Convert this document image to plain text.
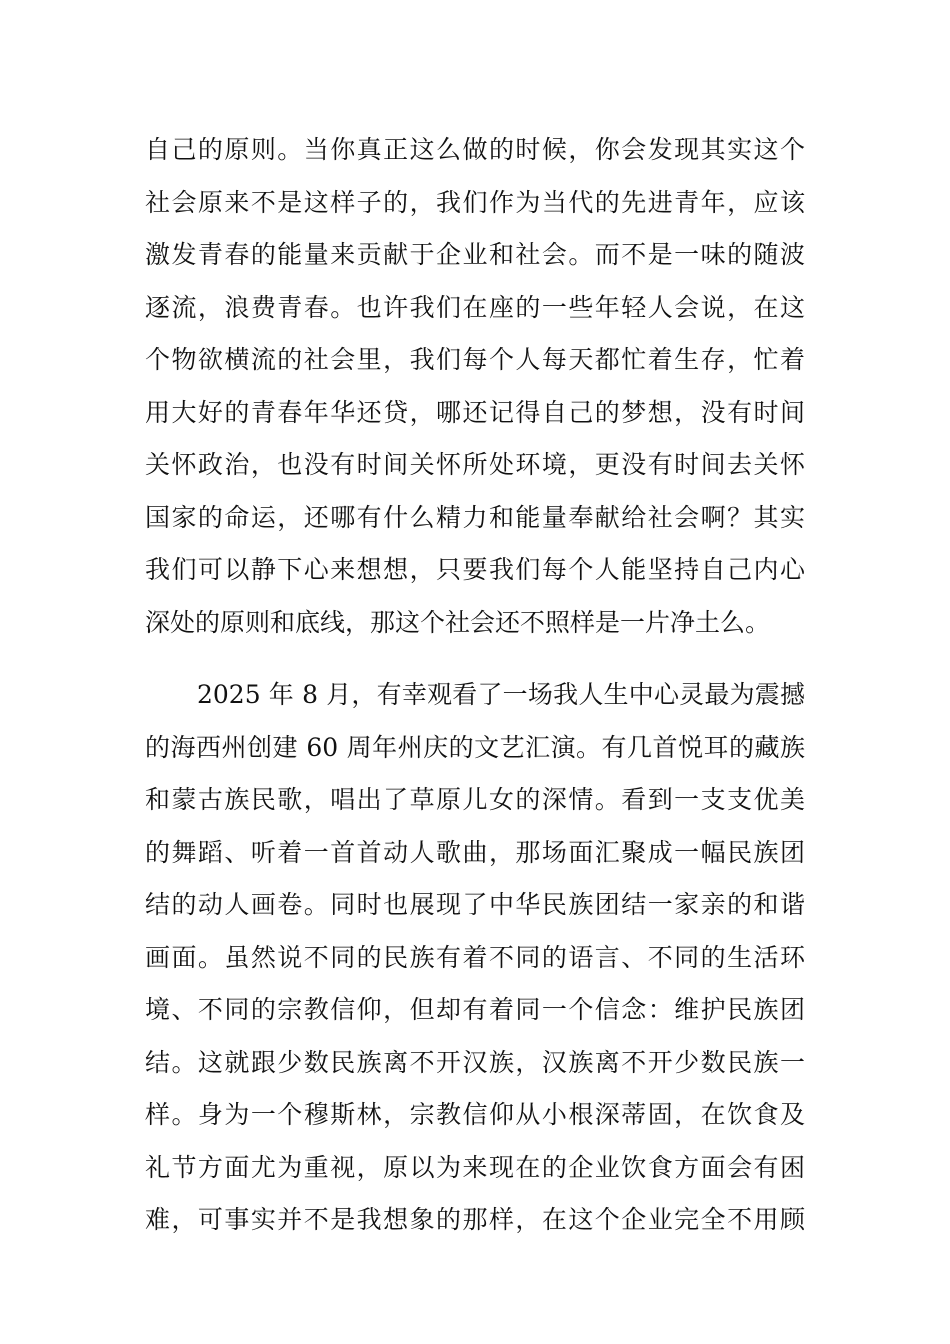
自己的原则。当你真正这么做的时候，你会发现其实这个
社会原来不是这样子的，我们作为当代的先进青年，应该
激发青春的能量来贡献于企业和社会。而不是一味的随波
逐流，浪费青春。也许我们在座的一些年轻人会说，在这
个物欲横流的社会里，我们每个人每天都忙着生存，忙着
用大好的青春年华还贷，哪还记得自己的梦想，没有时间
关怀政治，也没有时间关怀所处环境，更没有时间去关怀
国家的命运，还哪有什么精力和能量奉献给社会啊？其实
我们可以静下心来想想，只要我们每个人能坚持自己内心
深处的原则和底线，那这个社会还不照样是一片净土么。
2025 年 8 月，有幸观看了一场我人生中心灵最为震撼
的海西州创建 60 周年州庆的文艺汇演。有几首悦耳的藏族
和蒙古族民歌，唱出了草原儿女的深情。看到一支支优美
的舞蹈、听着一首首动人歌曲，那场面汇聚成一幅民族团
结的动人画卷。同时也展现了中华民族团结一家亲的和谐
画面。虽然说不同的民族有着不同的语言、不同的生活环
境、不同的宗教信仰，但却有着同一个信念：维护民族团
结。这就跟少数民族离不开汉族，汉族离不开少数民族一
样。身为一个穆斯林，宗教信仰从小根深蒂固，在饮食及
礼节方面尤为重视，原以为来现在的企业饮食方面会有困
难，可事实并不是我想象的那样，在这个企业完全不用顾
